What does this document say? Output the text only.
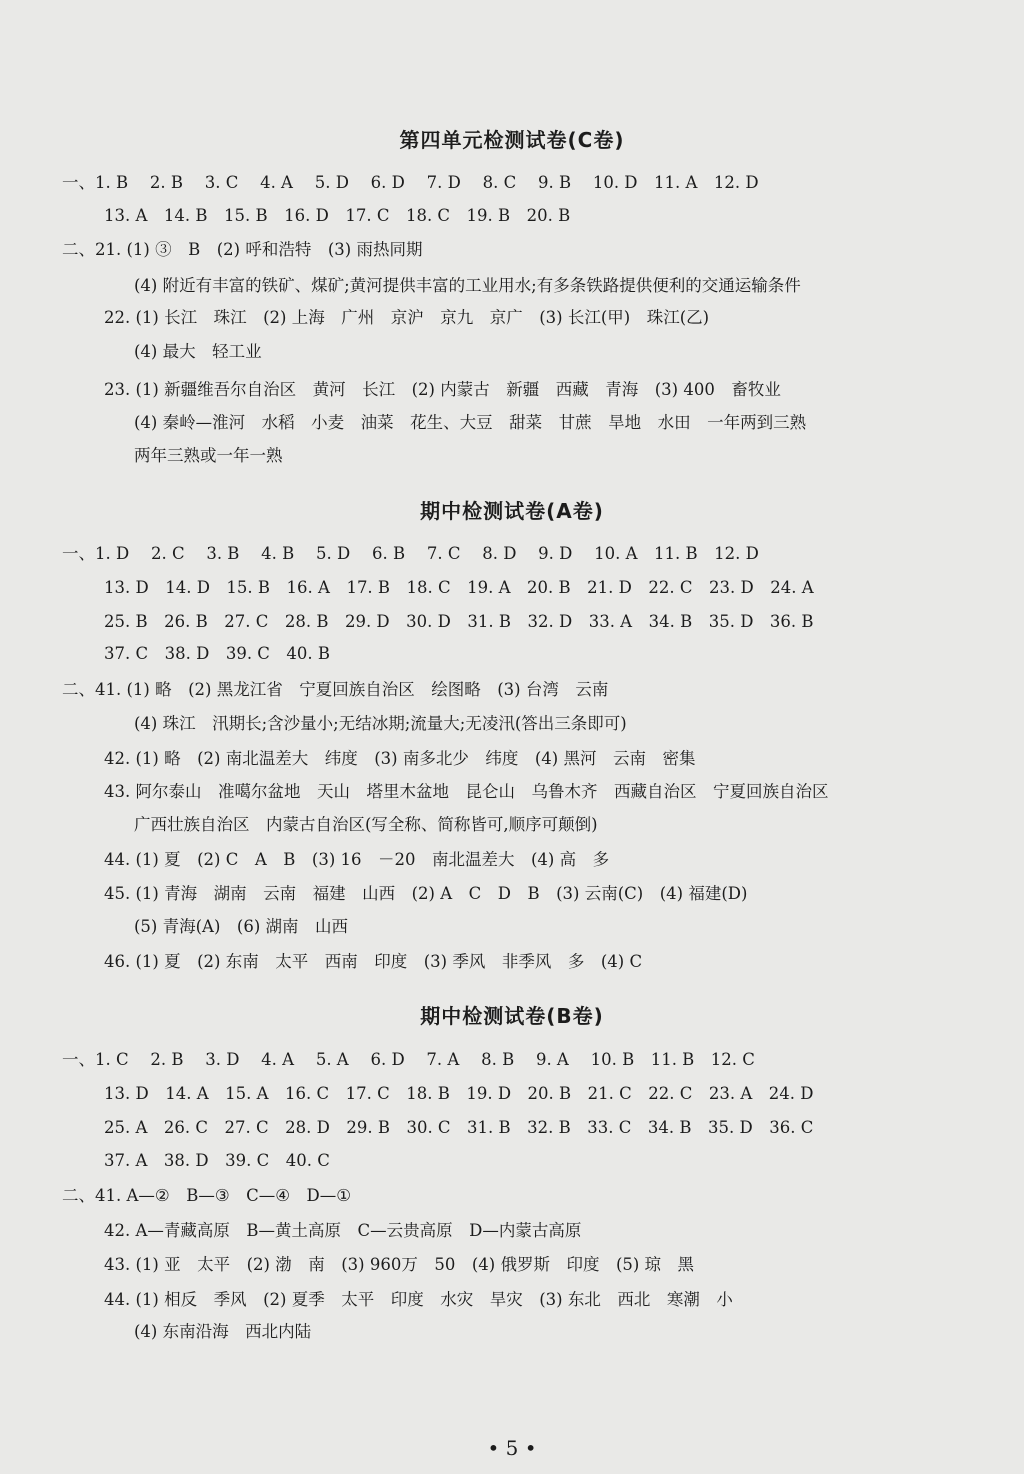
第四单元检测试卷(C卷)
一、1. B　 2. B　 3. C　 4. A　 5. D　 6. D　 7. D　 8. C　 9. B　 10. D　11. A　12. D
13. A　14. B　15. B　16. D　17. C　18. C　19. B　20. B
二、21. (1) ③　B　(2) 呼和浩特　(3) 雨热同期
(4) 附近有丰富的铁矿、煤矿;黄河提供丰富的工业用水;有多条铁路提供便利的交通运输条件
22. (1) 长江　珠江　(2) 上海　广州　京沪　京九　京广　(3) 长江(甲)　珠江(乙)
(4) 最大　轻工业
23. (1) 新疆维吾尔自治区　黄河　长江　(2) 内蒙古　新疆　西藏　青海　(3) 400　畜牧业
(4) 秦岭—淮河　水稻　小麦　油菜　花生、大豆　甜菜　甘蔗　旱地　水田　一年两到三熟
两年三熟或一年一熟
期中检测试卷(A卷)
一、1. D　 2. C　 3. B　 4. B　 5. D　 6. B　 7. C　 8. D　 9. D　 10. A　11. B　12. D
13. D　14. D　15. B　16. A　17. B　18. C　19. A　20. B　21. D　22. C　23. D　24. A
25. B　26. B　27. C　28. B　29. D　30. D　31. B　32. D　33. A　34. B　35. D　36. B
37. C　38. D　39. C　40. B
二、41. (1) 略　(2) 黑龙江省　宁夏回族自治区　绘图略　(3) 台湾　云南
(4) 珠江　汛期长;含沙量小;无结冰期;流量大;无凌汛(答出三条即可)
42. (1) 略　(2) 南北温差大　纬度　(3) 南多北少　纬度　(4) 黑河　云南　密集
43. 阿尔泰山　准噶尔盆地　天山　塔里木盆地　昆仑山　乌鲁木齐　西藏自治区　宁夏回族自治区
广西壮族自治区　内蒙古自治区(写全称、简称皆可,顺序可颠倒)
44. (1) 夏　(2) C　A　B　(3) 16　－20　南北温差大　(4) 高　多
45. (1) 青海　湖南　云南　福建　山西　(2) A　C　D　B　(3) 云南(C)　(4) 福建(D)
(5) 青海(A)　(6) 湖南　山西
46. (1) 夏　(2) 东南　太平　西南　印度　(3) 季风　非季风　多　(4) C
期中检测试卷(B卷)
一、1. C　 2. B　 3. D　 4. A　 5. A　 6. D　 7. A　 8. B　 9. A　 10. B　11. B　12. C
13. D　14. A　15. A　16. C　17. C　18. B　19. D　20. B　21. C　22. C　23. A　24. D
25. A　26. C　27. C　28. D　29. B　30. C　31. B　32. B　33. C　34. B　35. D　36. C
37. A　38. D　39. C　40. C
二、41. A—②　B—③　C—④　D—①
42. A—青藏高原　B—黄土高原　C—云贵高原　D—内蒙古高原
43. (1) 亚　太平　(2) 渤　南　(3) 960万　50　(4) 俄罗斯　印度　(5) 琼　黑
44. (1) 相反　季风　(2) 夏季　太平　印度　水灾　旱灾　(3) 东北　西北　寒潮　小
(4) 东南沿海　西北内陆
• 5 •
